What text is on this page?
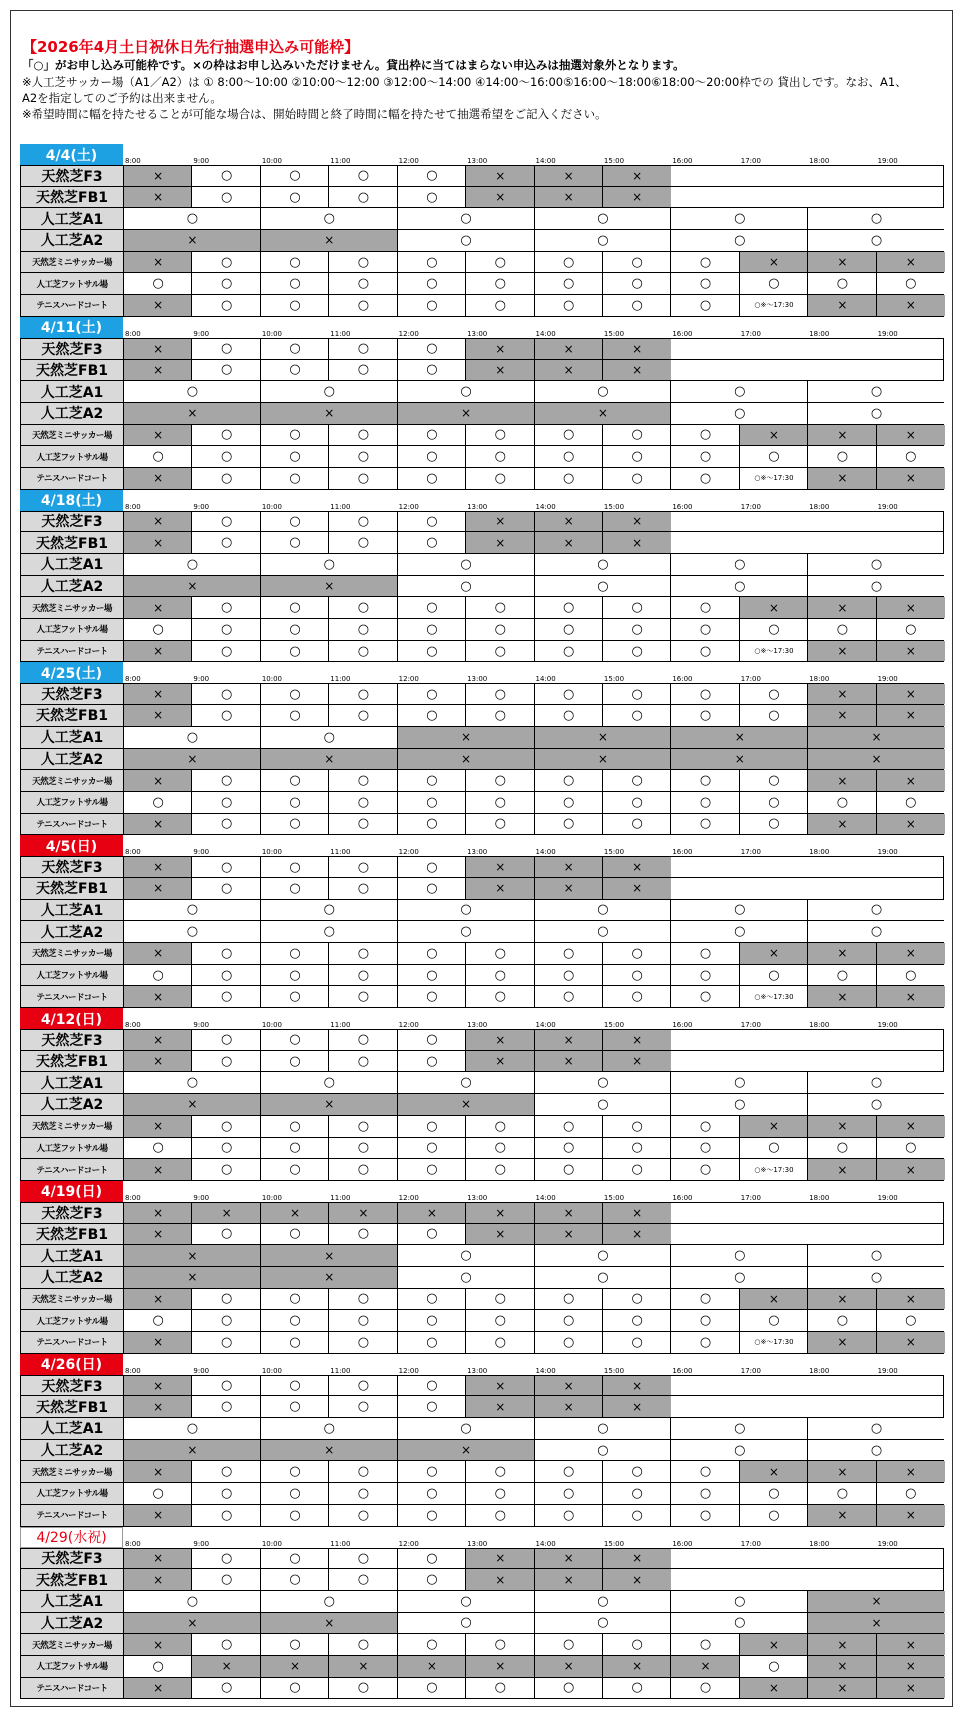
【2026年4月土日祝休日先行抽選申込み可能枠】
「○」がお申し込み可能枠です。×の枠はお申し込みいただけません。貸出枠に当てはまらない申込みは抽選対象外となります。
※人工芝サッカー場（A1／A2）は ① 8:00～10:00 ②10:00～12:00 ③12:00～14:00 ④14:00～16:00⑤16:00～18:00⑥18:00～20:00枠での 貸出しです。なお、A1、
A2を指定してのご予約は出来ません。
※希望時間に幅を持たせることが可能な場合は、開始時間と終了時間に幅を持たせて抽選希望をご記入ください。
4/4(土)	8:00	9:00	10:00	11:00	12:00	13:00	14:00	15:00	16:00	17:00	18:00	19:00
天然芝F3	×	○	○	○	○	×	×	×
天然芝FB1	×	○	○	○	○	×	×	×
人工芝A1	○	○	○	○	○	○
人工芝A2	×	×	○	○	○	○
天然芝ミニサッカー場	×	○	○	○	○	○	○	○	○	×	×	×
人工芝フットサル場	○	○	○	○	○	○	○	○	○	○	○	○
テニスハードコート	×	○	○	○	○	○	○	○	○	○※～17:30	×	×
4/11(土)	8:00	9:00	10:00	11:00	12:00	13:00	14:00	15:00	16:00	17:00	18:00	19:00
天然芝F3	×	○	○	○	○	×	×	×
天然芝FB1	×	○	○	○	○	×	×	×
人工芝A1	○	○	○	○	○	○
人工芝A2	×	×	×	×	○	○
天然芝ミニサッカー場	×	○	○	○	○	○	○	○	○	×	×	×
人工芝フットサル場	○	○	○	○	○	○	○	○	○	○	○	○
テニスハードコート	×	○	○	○	○	○	○	○	○	○※～17:30	×	×
4/18(土)	8:00	9:00	10:00	11:00	12:00	13:00	14:00	15:00	16:00	17:00	18:00	19:00
天然芝F3	×	○	○	○	○	×	×	×
天然芝FB1	×	○	○	○	○	×	×	×
人工芝A1	○	○	○	○	○	○
人工芝A2	×	×	○	○	○	○
天然芝ミニサッカー場	×	○	○	○	○	○	○	○	○	×	×	×
人工芝フットサル場	○	○	○	○	○	○	○	○	○	○	○	○
テニスハードコート	×	○	○	○	○	○	○	○	○	○※～17:30	×	×
4/25(土)	8:00	9:00	10:00	11:00	12:00	13:00	14:00	15:00	16:00	17:00	18:00	19:00
天然芝F3	×	○	○	○	○	○	○	○	○	○	×	×
天然芝FB1	×	○	○	○	○	○	○	○	○	○	×	×
人工芝A1	○	○	×	×	×	×
人工芝A2	×	×	×	×	×	×
天然芝ミニサッカー場	×	○	○	○	○	○	○	○	○	○	×	×
人工芝フットサル場	○	○	○	○	○	○	○	○	○	○	○	○
テニスハードコート	×	○	○	○	○	○	○	○	○	○	×	×
4/5(日)	8:00	9:00	10:00	11:00	12:00	13:00	14:00	15:00	16:00	17:00	18:00	19:00
天然芝F3	×	○	○	○	○	×	×	×
天然芝FB1	×	○	○	○	○	×	×	×
人工芝A1	○	○	○	○	○	○
人工芝A2	○	○	○	○	○	○
天然芝ミニサッカー場	×	○	○	○	○	○	○	○	○	×	×	×
人工芝フットサル場	○	○	○	○	○	○	○	○	○	○	○	○
テニスハードコート	×	○	○	○	○	○	○	○	○	○※～17:30	×	×
4/12(日)	8:00	9:00	10:00	11:00	12:00	13:00	14:00	15:00	16:00	17:00	18:00	19:00
天然芝F3	×	○	○	○	○	×	×	×
天然芝FB1	×	○	○	○	○	×	×	×
人工芝A1	○	○	○	○	○	○
人工芝A2	×	×	×	○	○	○
天然芝ミニサッカー場	×	○	○	○	○	○	○	○	○	×	×	×
人工芝フットサル場	○	○	○	○	○	○	○	○	○	○	○	○
テニスハードコート	×	○	○	○	○	○	○	○	○	○※～17:30	×	×
4/19(日)	8:00	9:00	10:00	11:00	12:00	13:00	14:00	15:00	16:00	17:00	18:00	19:00
天然芝F3	×	×	×	×	×	×	×	×
天然芝FB1	×	○	○	○	○	×	×	×
人工芝A1	×	×	○	○	○	○
人工芝A2	×	×	○	○	○	○
天然芝ミニサッカー場	×	○	○	○	○	○	○	○	○	×	×	×
人工芝フットサル場	○	○	○	○	○	○	○	○	○	○	○	○
テニスハードコート	×	○	○	○	○	○	○	○	○	○※～17:30	×	×
4/26(日)	8:00	9:00	10:00	11:00	12:00	13:00	14:00	15:00	16:00	17:00	18:00	19:00
天然芝F3	×	○	○	○	○	×	×	×
天然芝FB1	×	○	○	○	○	×	×	×
人工芝A1	○	○	○	○	○	○
人工芝A2	×	×	×	○	○	○
天然芝ミニサッカー場	×	○	○	○	○	○	○	○	○	×	×	×
人工芝フットサル場	○	○	○	○	○	○	○	○	○	○	○	○
テニスハードコート	×	○	○	○	○	○	○	○	○	○	×	×
4/29(水祝)	8:00	9:00	10:00	11:00	12:00	13:00	14:00	15:00	16:00	17:00	18:00	19:00
天然芝F3	×	○	○	○	○	×	×	×
天然芝FB1	×	○	○	○	○	×	×	×
人工芝A1	○	○	○	○	○	×
人工芝A2	×	×	○	○	○	×
天然芝ミニサッカー場	×	○	○	○	○	○	○	○	○	×	×	×
人工芝フットサル場	○	×	×	×	×	×	×	×	×	○	×	×
テニスハードコート	×	○	○	○	○	○	○	○	○	×	×	×
